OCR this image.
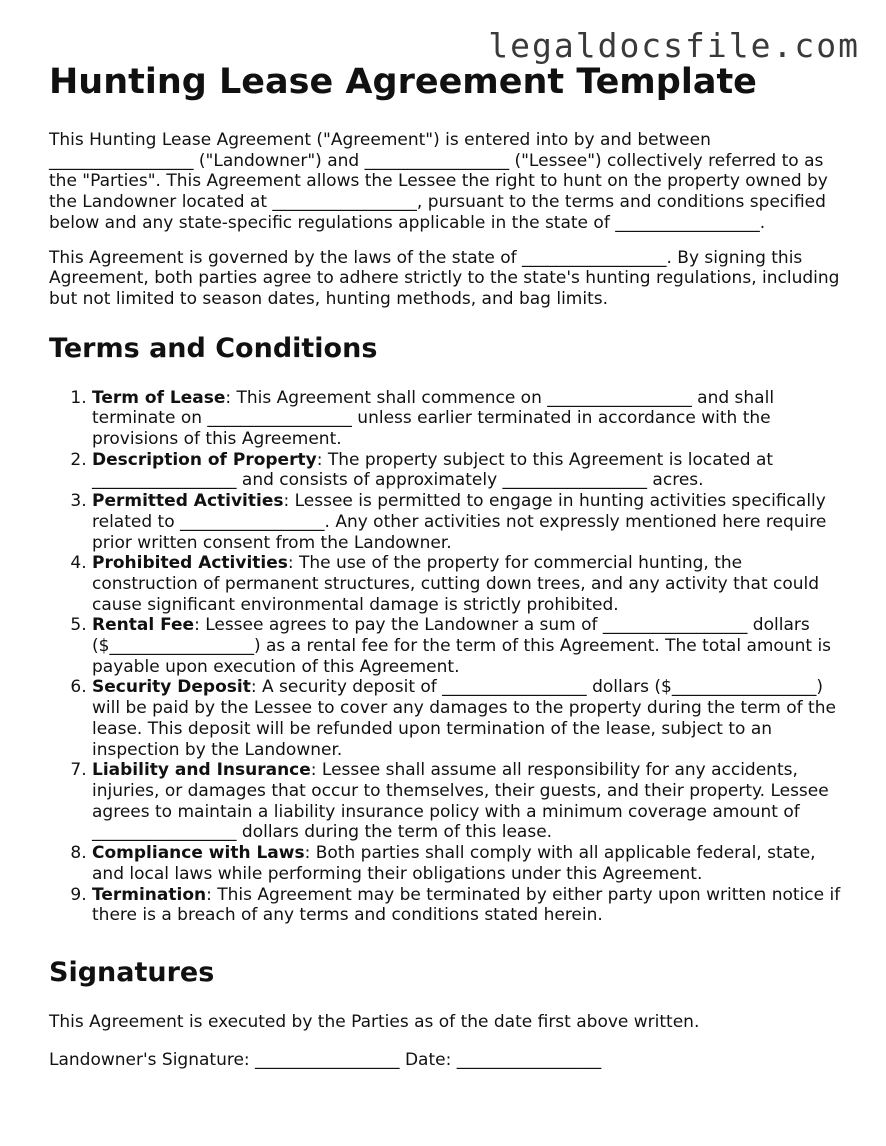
legaldocsfile.com
Hunting Lease Agreement Template

This Hunting Lease Agreement ("Agreement") is entered into by and between
_________________ ("Landowner") and _________________ ("Lessee") collectively referred to as the "Parties". This Agreement allows the Lessee the right to hunt on the property owned by the Landowner located at _________________, pursuant to the terms and conditions specified below and any state-specific regulations applicable in the state of _________________.

This Agreement is governed by the laws of the state of _________________. By signing this Agreement, both parties agree to adhere strictly to the state's hunting regulations, including but not limited to season dates, hunting methods, and bag limits.

Terms and Conditions
1. Term of Lease: This Agreement shall commence on _________________ and shall terminate on _________________ unless earlier terminated in accordance with the provisions of this Agreement.
2. Description of Property: The property subject to this Agreement is located at _________________ and consists of approximately _________________ acres.
3. Permitted Activities: Lessee is permitted to engage in hunting activities specifically related to _________________. Any other activities not expressly mentioned here require prior written consent from the Landowner.
4. Prohibited Activities: The use of the property for commercial hunting, the construction of permanent structures, cutting down trees, and any activity that could cause significant environmental damage is strictly prohibited.
5. Rental Fee: Lessee agrees to pay the Landowner a sum of _________________ dollars ($_________________) as a rental fee for the term of this Agreement. The total amount is payable upon execution of this Agreement.
6. Security Deposit: A security deposit of _________________ dollars ($_________________) will be paid by the Lessee to cover any damages to the property during the term of the lease. This deposit will be refunded upon termination of the lease, subject to an inspection by the Landowner.
7. Liability and Insurance: Lessee shall assume all responsibility for any accidents, injuries, or damages that occur to themselves, their guests, and their property. Lessee agrees to maintain a liability insurance policy with a minimum coverage amount of _________________ dollars during the term of this lease.
8. Compliance with Laws: Both parties shall comply with all applicable federal, state, and local laws while performing their obligations under this Agreement.
9. Termination: This Agreement may be terminated by either party upon written notice if there is a breach of any terms and conditions stated herein.
Signatures

This Agreement is executed by the Parties as of the date first above written.

Landowner's Signature: _________________ Date: _________________
